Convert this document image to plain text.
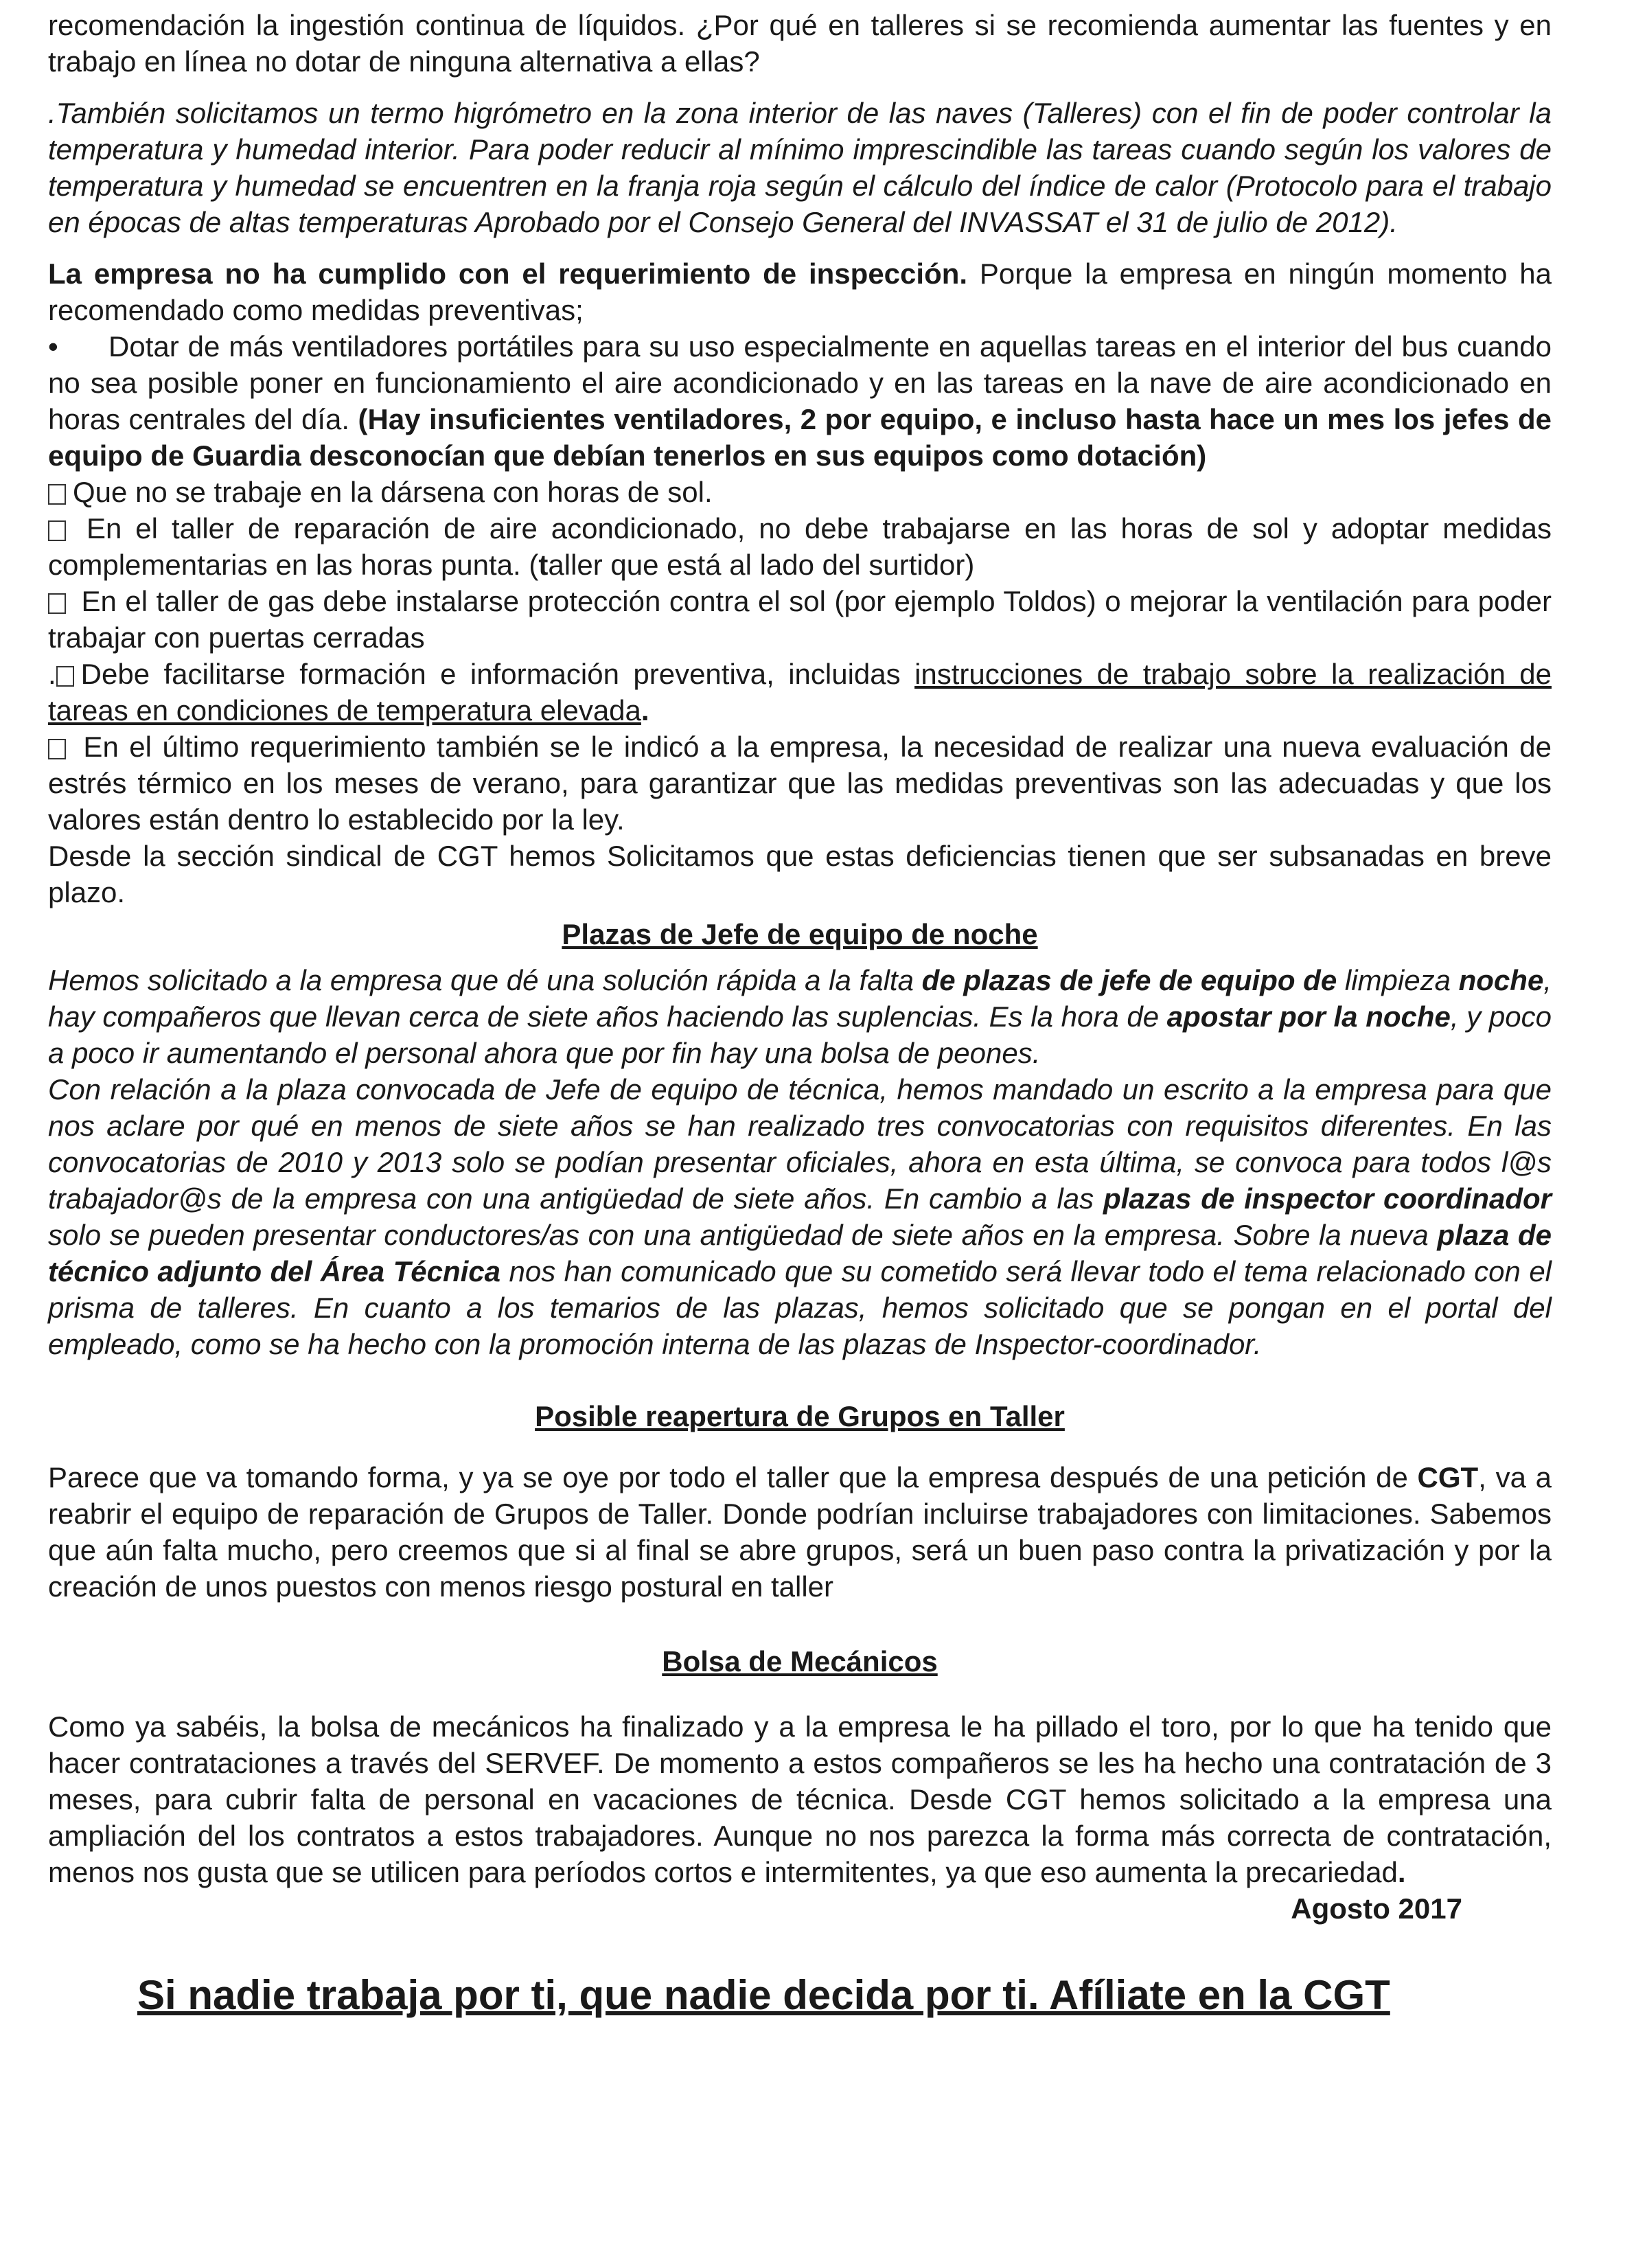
recomendación la ingestión continua de líquidos. ¿Por qué en talleres si se recomienda aumentar las fuentes y en trabajo en línea no dotar de ninguna alternativa a ellas?

.También solicitamos un termo higrómetro en la zona interior de las naves (Talleres) con el fin de poder controlar la temperatura y humedad interior. Para poder reducir al mínimo imprescindible las tareas cuando según los valores de temperatura y humedad se encuentren en la franja roja según el cálculo del índice de calor (Protocolo para el trabajo en épocas de altas temperaturas Aprobado por el Consejo General del INVASSAT el 31 de julio de 2012).

La empresa no ha cumplido con el requerimiento de inspección. Porque la empresa en ningún momento ha recomendado como medidas preventivas;

• Dotar de más ventiladores portátiles para su uso especialmente en aquellas tareas en el interior del bus cuando no sea posible poner en funcionamiento el aire acondicionado y en las tareas en la nave de aire acondicionado en horas centrales del día. (Hay insuficientes ventiladores, 2 por equipo, e incluso hasta hace un mes los jefes de equipo de Guardia desconocían que debían tenerlos en sus equipos como dotación)

Que no se trabaje en la dársena con horas de sol.

En el taller de reparación de aire acondicionado, no debe trabajarse en las horas de sol y adoptar medidas complementarias en las horas punta. (taller que está al lado del surtidor)

En el taller de gas debe instalarse protección contra el sol (por ejemplo Toldos) o mejorar la ventilación para poder trabajar con puertas cerradas

. Debe facilitarse formación e información preventiva, incluidas instrucciones de trabajo sobre la realización de tareas en condiciones de temperatura elevada.

En el último requerimiento también se le indicó a la empresa, la necesidad de realizar una nueva evaluación de estrés térmico en los meses de verano, para garantizar que las medidas preventivas son las adecuadas y que los valores están dentro lo establecido por la ley.

Desde la sección sindical de CGT hemos Solicitamos que estas deficiencias tienen que ser subsanadas en breve plazo.

Plazas de Jefe de equipo de noche

Hemos solicitado a la empresa que dé una solución rápida a la falta de plazas de jefe de equipo de limpieza noche, hay compañeros que llevan cerca de siete años haciendo las suplencias. Es la hora de apostar por la noche, y poco a poco ir aumentando el personal ahora que por fin hay una bolsa de peones.

Con relación a la plaza convocada de Jefe de equipo de técnica, hemos mandado un escrito a la empresa para que nos aclare por qué en menos de siete años se han realizado tres convocatorias con requisitos diferentes. En las convocatorias de 2010 y 2013 solo se podían presentar oficiales, ahora en esta última, se convoca para todos l@s trabajador@s de la empresa con una antigüedad de siete años. En cambio a las plazas de inspector coordinador solo se pueden presentar conductores/as con una antigüedad de siete años en la empresa. Sobre la nueva plaza de técnico adjunto del Área Técnica nos han comunicado que su cometido será llevar todo el tema relacionado con el prisma de talleres. En cuanto a los temarios de las plazas, hemos solicitado que se pongan en el portal del empleado, como se ha hecho con la promoción interna de las plazas de Inspector-coordinador.

Posible reapertura de Grupos en Taller

Parece que va tomando forma, y ya se oye por todo el taller que la empresa después de una petición de CGT, va a reabrir el equipo de reparación de Grupos de Taller. Donde podrían incluirse trabajadores con limitaciones. Sabemos que aún falta mucho, pero creemos que si al final se abre grupos, será un buen paso contra la privatización y por la creación de unos puestos con menos riesgo postural en taller

Bolsa de Mecánicos

Como ya sabéis, la bolsa de mecánicos ha finalizado y a la empresa le ha pillado el toro, por lo que ha tenido que hacer contrataciones a través del SERVEF. De momento a estos compañeros se les ha hecho una contratación de 3 meses, para cubrir falta de personal en vacaciones de técnica. Desde CGT hemos solicitado a la empresa una ampliación del los contratos a estos trabajadores. Aunque no nos parezca la forma más correcta de contratación, menos nos gusta que se utilicen para períodos cortos e intermitentes, ya que eso aumenta la precariedad.
Agosto 2017

Si nadie trabaja por ti, que nadie decida por ti. Afíliate en la CGT
